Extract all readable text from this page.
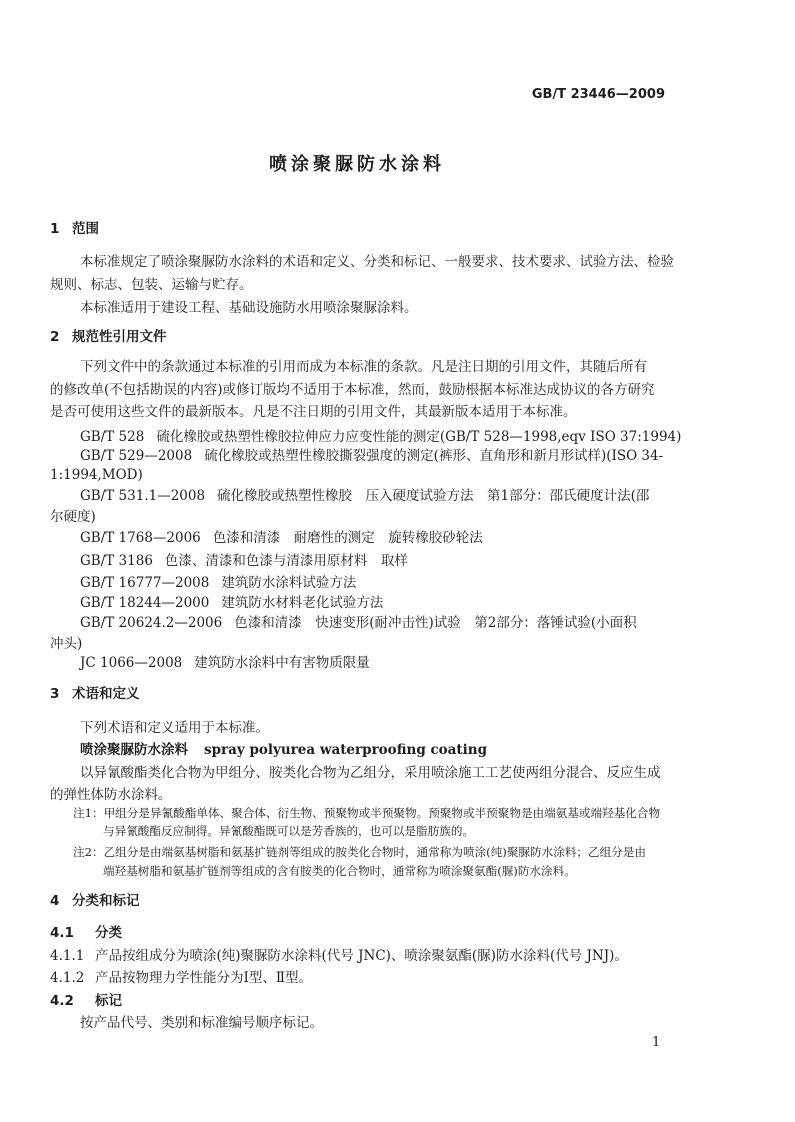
GB/T 23446—2009
喷涂聚脲防水涂料
1 范围
本标准规定了喷涂聚脲防水涂料的术语和定义、分类和标记、一般要求、技术要求、试验方法、检验
规则、标志、包装、运输与贮存。
本标准适用于建设工程、基础设施防水用喷涂聚脲涂料。
2 规范性引用文件
下列文件中的条款通过本标准的引用而成为本标准的条款。凡是注日期的引用文件，其随后所有
的修改单(不包括勘误的内容)或修订版均不适用于本标准，然而，鼓励根据本标准达成协议的各方研究
是否可使用这些文件的最新版本。凡是不注日期的引用文件，其最新版本适用于本标准。
GB/T 528 硫化橡胶或热塑性橡胶拉伸应力应变性能的测定(GB/T 528—1998,eqv ISO 37:1994)
GB/T 529—2008 硫化橡胶或热塑性橡胶撕裂强度的测定(裤形、直角形和新月形试样)(ISO 34-
1:1994,MOD)
GB/T 531.1—2008 硫化橡胶或热塑性橡胶　压入硬度试验方法　第1部分：邵氏硬度计法(邵
尔硬度)
GB/T 1768—2006 色漆和清漆　耐磨性的测定　旋转橡胶砂轮法
GB/T 3186 色漆、清漆和色漆与清漆用原材料　取样
GB/T 16777—2008 建筑防水涂料试验方法
GB/T 18244—2000 建筑防水材料老化试验方法
GB/T 20624.2—2006 色漆和清漆　快速变形(耐冲击性)试验　第2部分：落锤试验(小面积
冲头)
JC 1066—2008 建筑防水涂料中有害物质限量
3 术语和定义
下列术语和定义适用于本标准。
喷涂聚脲防水涂料 spray polyurea waterproofing coating
以异氰酸酯类化合物为甲组分、胺类化合物为乙组分，采用喷涂施工工艺使两组分混合、反应生成
的弹性体防水涂料。
注1：甲组分是异氰酸酯单体、聚合体、衍生物、预聚物或半预聚物。预聚物或半预聚物是由端氨基或端羟基化合物
与异氰酸酯反应制得。异氰酸酯既可以是芳香族的，也可以是脂肪族的。
注2：乙组分是由端氨基树脂和氨基扩链剂等组成的胺类化合物时，通常称为喷涂(纯)聚脲防水涂料；乙组分是由
端羟基树脂和氨基扩链剂等组成的含有胺类的化合物时，通常称为喷涂聚氨酯(脲)防水涂料。
4 分类和标记
4.1 分类
4.1.1 产品按组成分为喷涂(纯)聚脲防水涂料(代号 JNC)、喷涂聚氨酯(脲)防水涂料(代号 JNJ)。
4.1.2 产品按物理力学性能分为Ⅰ型、Ⅱ型。
4.2 标记
按产品代号、类别和标准编号顺序标记。
1
